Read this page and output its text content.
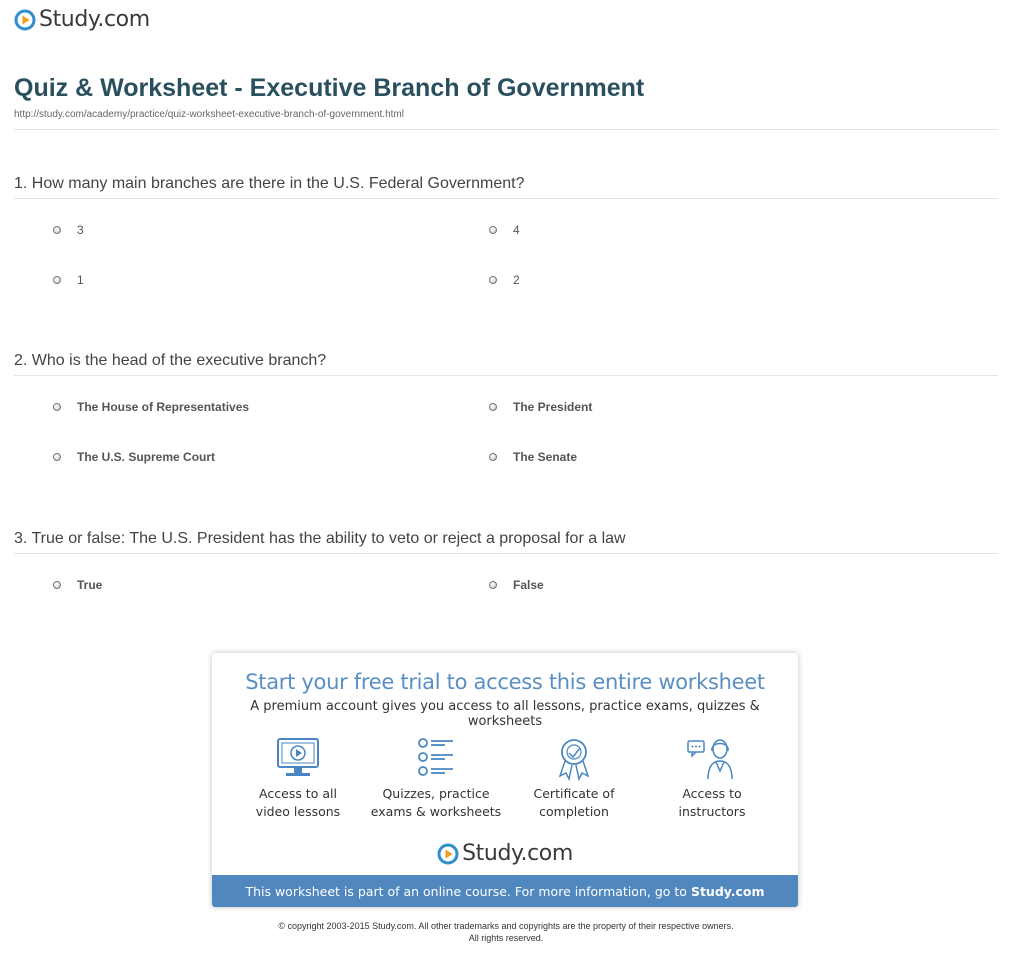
Study.com
Quiz & Worksheet - Executive Branch of Government
http://study.com/academy/practice/quiz-worksheet-executive-branch-of-government.html
1. How many main branches are there in the U.S. Federal Government?
3	4
1	2
2. Who is the head of the executive branch?
The House of Representatives	The President
The U.S. Supreme Court	The Senate
3. True or false: The U.S. President has the ability to veto or reject a proposal for a law
True	False
Start your free trial to access this entire worksheet
A premium account gives you access to all lessons, practice exams, quizzes & worksheets
Access to all
video lessons
Quizzes, practice
exams & worksheets
Certificate of
completion
Access to
instructors
Study.com
This worksheet is part of an online course. For more information, go to Study.com
© copyright 2003-2015 Study.com. All other trademarks and copyrights are the property of their respective owners.
All rights reserved.
